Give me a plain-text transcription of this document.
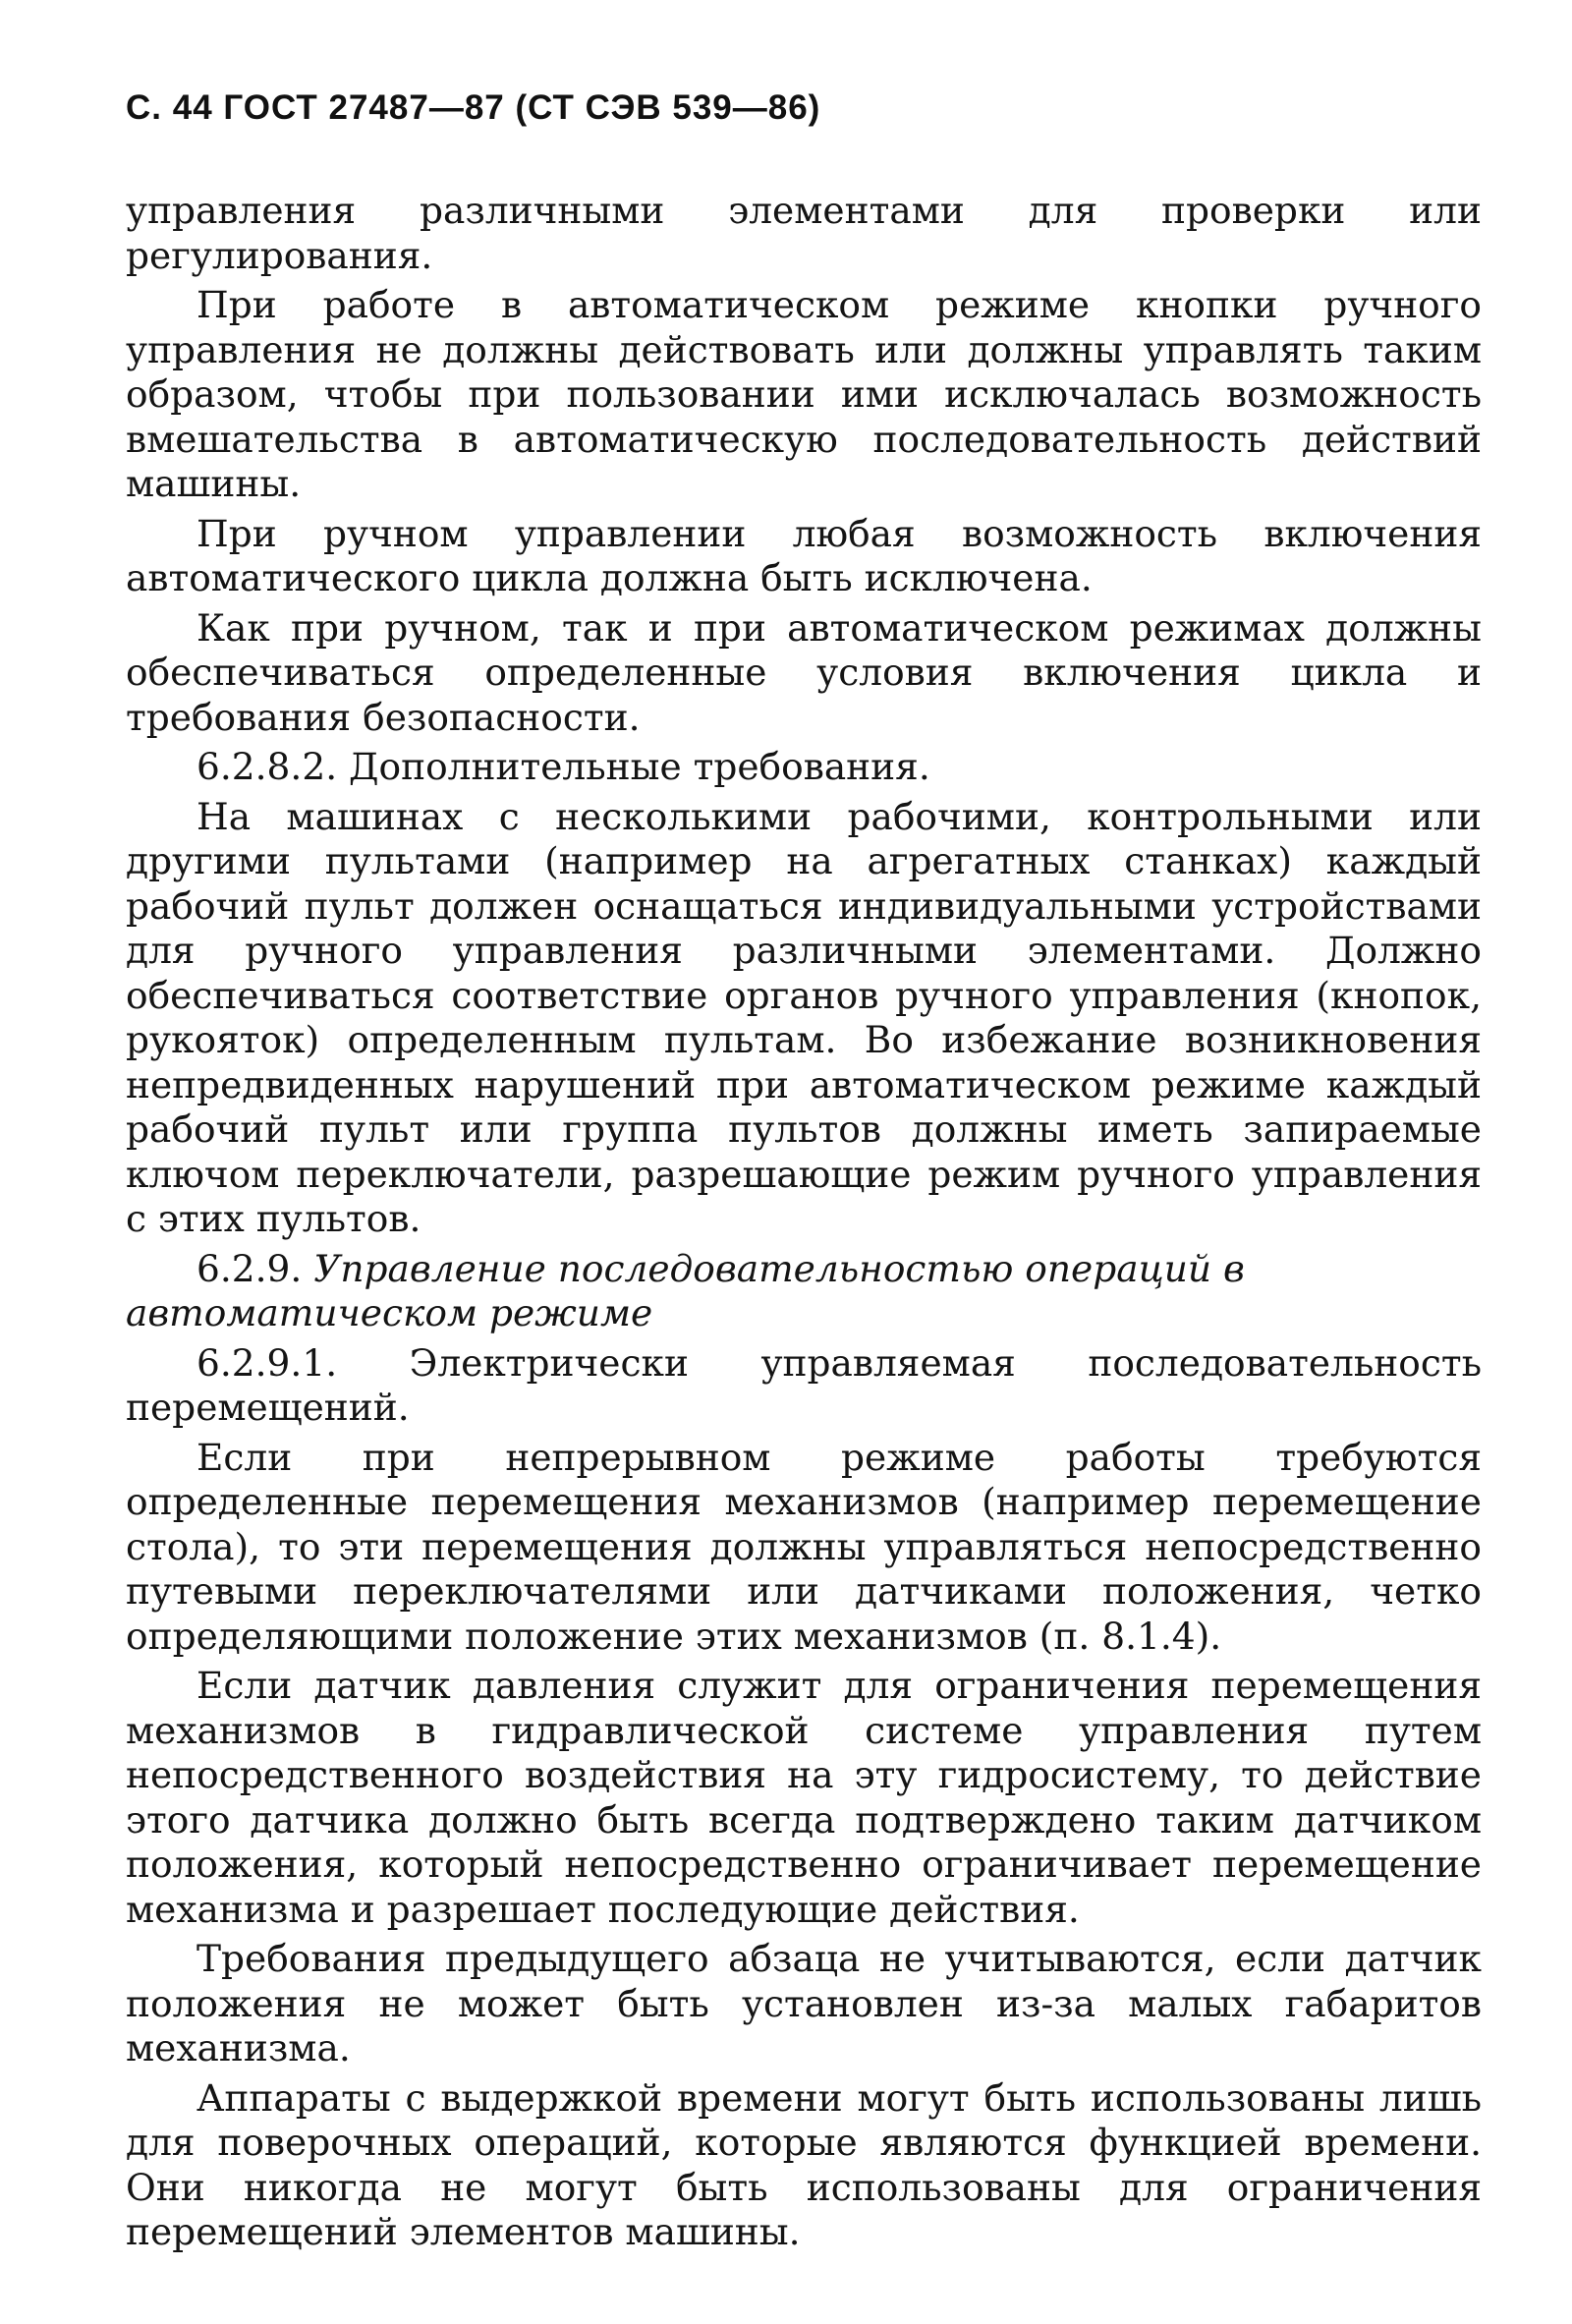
С. 44 ГОСТ 27487—87 (СТ СЭВ 539—86)

управления различными элементами для проверки или регулирования.

При работе в автоматическом режиме кнопки ручного управления не должны действовать или должны управлять таким образом, чтобы при пользовании ими исключалась возможность вмешательства в автоматическую последовательность действий машины.

При ручном управлении любая возможность включения автоматического цикла должна быть исключена.

Как при ручном, так и при автоматическом режимах должны обеспечиваться определенные условия включения цикла и требования безопасности.

6.2.8.2. Дополнительные требования.

На машинах с несколькими рабочими, контрольными или другими пультами (например на агрегатных станках) каждый рабочий пульт должен оснащаться индивидуальными устройствами для ручного управления различными элементами. Должно обеспечиваться соответствие органов ручного управления (кнопок, рукояток) определенным пультам. Во избежание возникновения непредвиденных нарушений при автоматическом режиме каждый рабочий пульт или группа пультов должны иметь запираемые ключом переключатели, разрешающие режим ручного управления с этих пультов.

6.2.9. Управление последовательностью операций в автоматическом режиме

6.2.9.1. Электрически управляемая последовательность перемещений.

Если при непрерывном режиме работы требуются определенные перемещения механизмов (например перемещение стола), то эти перемещения должны управляться непосредственно путевыми переключателями или датчиками положения, четко определяющими положение этих механизмов (п. 8.1.4).

Если датчик давления служит для ограничения перемещения механизмов в гидравлической системе управления путем непосредственного воздействия на эту гидросистему, то действие этого датчика должно быть всегда подтверждено таким датчиком положения, который непосредственно ограничивает перемещение механизма и разрешает последующие действия.

Требования предыдущего абзаца не учитываются, если датчик положения не может быть установлен из-за малых габаритов механизма.

Аппараты с выдержкой времени могут быть использованы лишь для поверочных операций, которые являются функцией времени. Они никогда не могут быть использованы для ограничения перемещений элементов машины.
